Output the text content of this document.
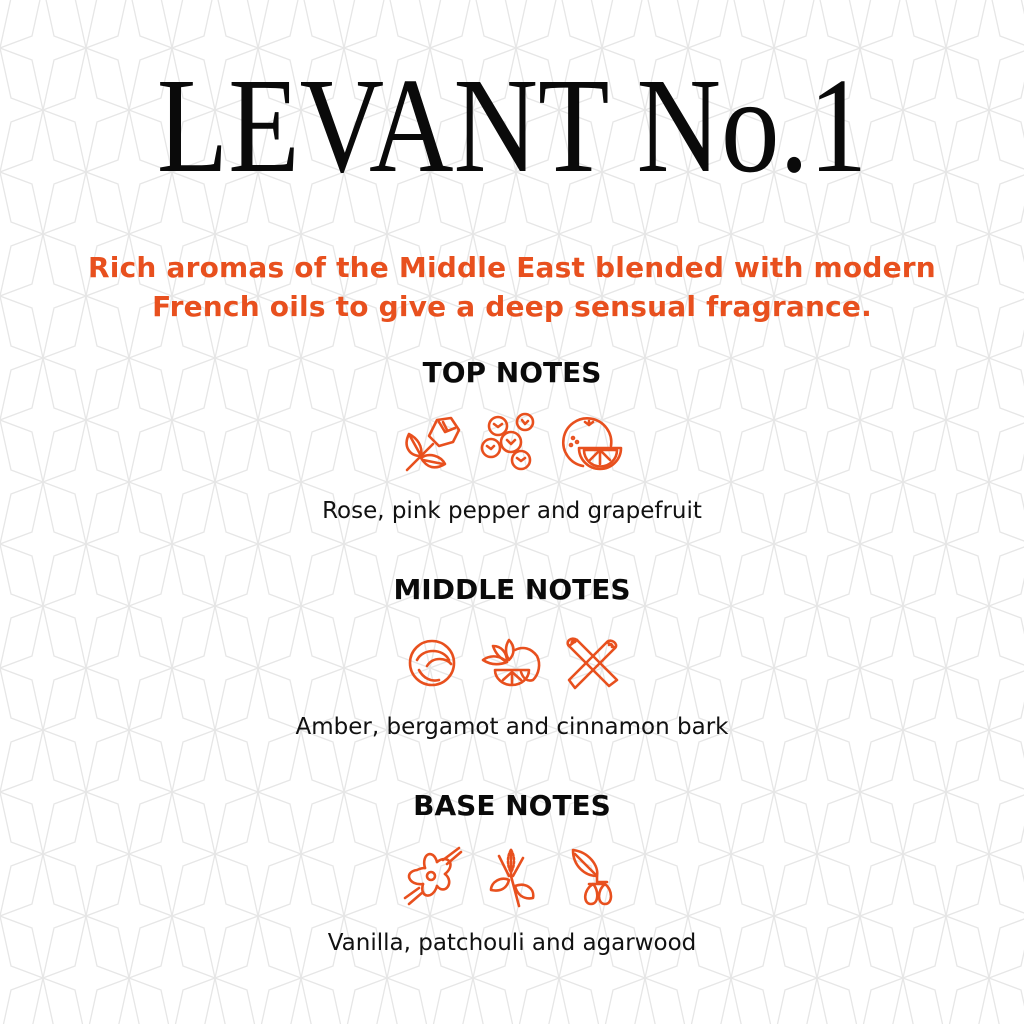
LEVANT No.1
Rich aromas of the Middle East blended with modern
French oils to give a deep sensual fragrance.
TOP NOTES
Rose, pink pepper and grapefruit
MIDDLE NOTES
Amber, bergamot and cinnamon bark
BASE NOTES
Vanilla, patchouli and agarwood
